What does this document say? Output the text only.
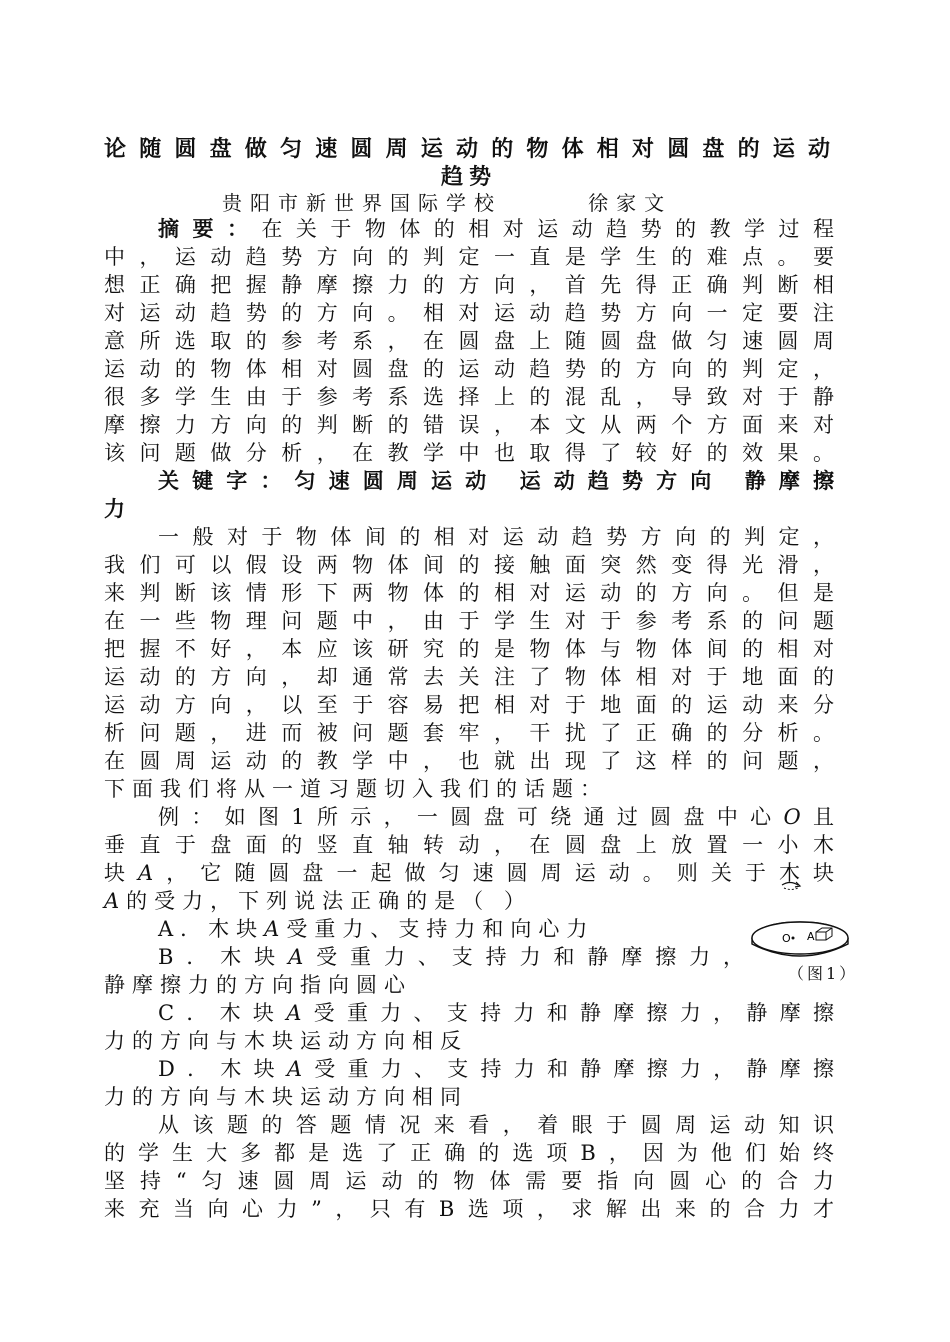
论随圆盘做匀速圆周运动的物体相对圆盘的运动
趋势
贵阳市新世界国际学校      徐家文
摘要：在关于物体的相对运动趋势的教学过程
中，运动趋势方向的判定一直是学生的难点。要
想正确把握静摩擦力的方向，首先得正确判断相
对运动趋势的方向。相对运动趋势方向一定要注
意所选取的参考系，在圆盘上随圆盘做匀速圆周
运动的物体相对圆盘的运动趋势的方向的判定，
很多学生由于参考系选择上的混乱，导致对于静
摩擦力方向的判断的错误，本文从两个方面来对
该问题做分析，在教学中也取得了较好的效果。
关键字：匀速圆周运动 运动趋势方向 静摩擦
力
一般对于物体间的相对运动趋势方向的判定，
我们可以假设两物体间的接触面突然变得光滑，
来判断该情形下两物体的相对运动的方向。但是
在一些物理问题中，由于学生对于参考系的问题
把握不好，本应该研究的是物体与物体间的相对
运动的方向，却通常去关注了物体相对于地面的
运动方向，以至于容易把相对于地面的运动来分
析问题，进而被问题套牢，干扰了正确的分析。
在圆周运动的教学中，也就出现了这样的问题，
下面我们将从一道习题切入我们的话题：
例：如图1所示，一圆盘可绕通过圆盘中心O且
垂直于盘面的竖直轴转动，在圆盘上放置一小木
块A，它随圆盘一起做匀速圆周运动。则关于木块
A的受力，下列说法正确的是（ ）
A．木块A受重力、支持力和向心力
B．木块A受重力、支持力和静摩擦力，
静摩擦力的方向指向圆心
C．木块A受重力、支持力和静摩擦力，静摩擦
力的方向与木块运动方向相反
D．木块A受重力、支持力和静摩擦力，静摩擦
力的方向与木块运动方向相同
从该题的答题情况来看，着眼于圆周运动知识
的学生大多都是选了正确的选项B，因为他们始终
坚持“匀速圆周运动的物体需要指向圆心的合力
来充当向心力”，只有B选项，求解出来的合力才
O A
（图1）
